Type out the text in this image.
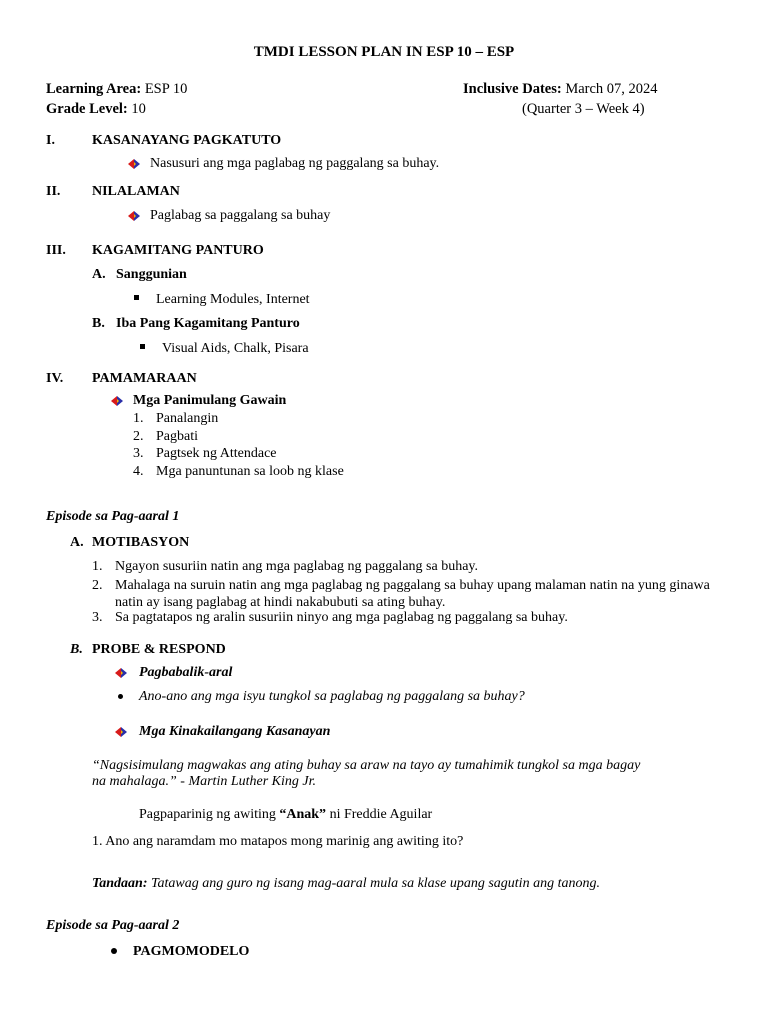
TMDI LESSON PLAN IN ESP 10 – ESP
Learning Area: ESP 10
Grade Level: 10
Inclusive Dates: March 07, 2024
(Quarter 3 – Week 4)
I.	KASANAYANG PAGKATUTO
Nasusuri ang mga paglabag ng paggalang sa buhay.
II. NILALAMAN
Paglabag sa paggalang sa buhay
III. KAGAMITANG PANTURO
A. Sanggunian
Learning Modules, Internet
B. Iba Pang Kagamitang Panturo
Visual Aids, Chalk, Pisara
IV. PAMAMARAAN
Mga Panimulang Gawain
1. Panalangin
2. Pagbati
3. Pagtsek ng Attendace
4. Mga panuntunan sa loob ng klase
Episode sa Pag-aaral 1
A. MOTIBASYON
1. Ngayon susuriin natin ang mga paglabag ng paggalang sa buhay.
2. Mahalaga na suruin natin ang mga paglabag ng paggalang sa buhay upang malaman natin na yung ginawa
natin ay isang paglabag at hindi nakabubuti sa ating buhay.
3. Sa pagtatapos ng aralin susuriin ninyo ang mga paglabag ng paggalang sa buhay.
B. PROBE & RESPOND
Pagbabalik-aral
Ano-ano ang mga isyu tungkol sa paglabag ng paggalang sa buhay?
Mga Kinakailangang Kasanayan
“Nagsisimulang magwakas ang ating buhay sa araw na tayo ay tumahimik tungkol sa mga bagay
na mahalaga.” - Martin Luther King Jr.
Pagpaparinig ng awiting “Anak” ni Freddie Aguilar
1. Ano ang naramdam mo matapos mong marinig ang awiting ito?
Tandaan: Tatawag ang guro ng isang mag-aaral mula sa klase upang sagutin ang tanong.
Episode sa Pag-aaral 2
PAGMOMODELO
